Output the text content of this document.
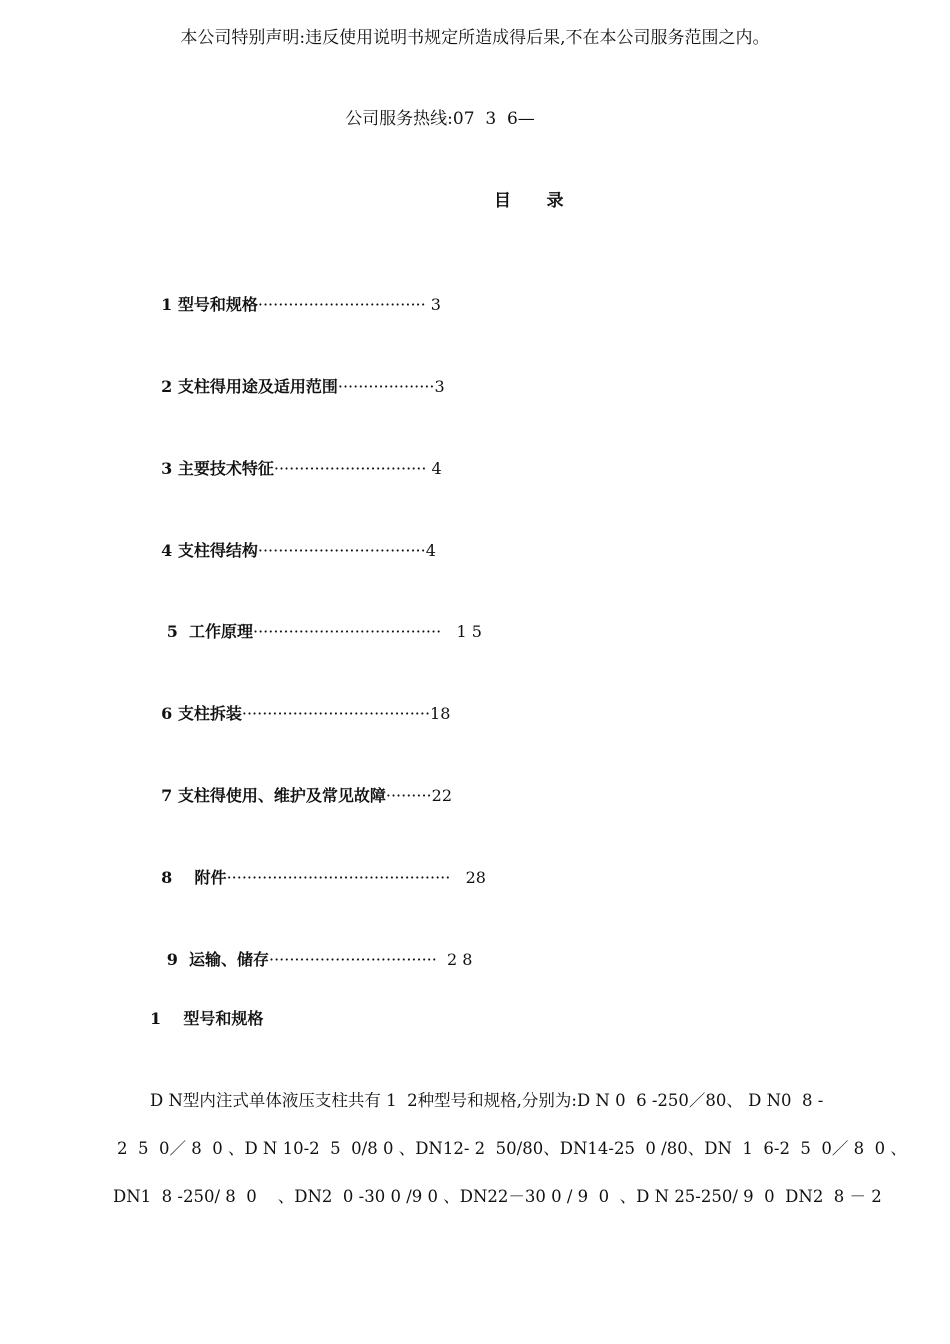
本公司特别声明:违反使用说明书规定所造成得后果,不在本公司服务范围之内。
公司服务热线:07  3  6—
目      录

1 型号和规格································· 3

2 支柱得用途及适用范围···················3

3 主要技术特征······························ 4

4 支柱得结构·································4

5  工作原理·····································   1 5

6 支柱拆装·····································18

7 支柱得使用、维护及常见故障·········22

8    附件············································   28

9  运输、储存·································  2 8

1    型号和规格
D N型内注式单体液压支柱共有 1  2种型号和规格,分别为:D N 0  6 -250／80、 D N0  8 -
2  5  0／ 8  0 、D N 10-2  5  0/8 0 、DN12- 2  50/80、DN14-25  0 /80、DN  1  6-2  5  0／ 8  0 、
DN1  8 -250/ 8  0    、DN2  0 -30 0 /9 0 、DN22－30 0 / 9  0  、D N 25-250/ 9  0  DN2  8 － 2
